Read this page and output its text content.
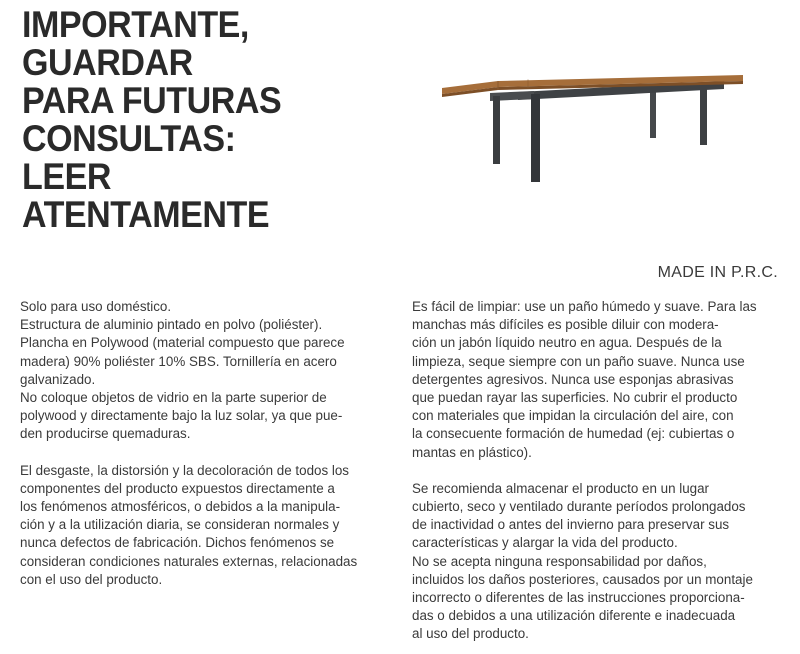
IMPORTANTE,
GUARDAR
PARA FUTURAS
CONSULTAS:
LEER
ATENTAMENTE
MADE IN P.R.C.
Solo para uso doméstico.
Estructura de aluminio pintado en polvo (poliéster).
Plancha en Polywood (material compuesto que parece
madera) 90% poliéster 10% SBS. Tornillería en acero
galvanizado.
No coloque objetos de vidrio en la parte superior de
polywood y directamente bajo la luz solar, ya que pue-
den producirse quemaduras.
El desgaste, la distorsión y la decoloración de todos los
componentes del producto expuestos directamente a
los fenómenos atmosféricos, o debidos a la manipula-
ción y a la utilización diaria, se consideran normales y
nunca defectos de fabricación. Dichos fenómenos se
consideran condiciones naturales externas, relacionadas
con el uso del producto.
Es fácil de limpiar: use un paño húmedo y suave. Para las
manchas más difíciles es posible diluir con modera-
ción un jabón líquido neutro en agua. Después de la
limpieza, seque siempre con un paño suave. Nunca use
detergentes agresivos. Nunca use esponjas abrasivas
que puedan rayar las superficies. No cubrir el producto
con materiales que impidan la circulación del aire, con
la consecuente formación de humedad (ej: cubiertas o
mantas en plástico).
Se recomienda almacenar el producto en un lugar
cubierto, seco y ventilado durante períodos prolongados
de inactividad o antes del invierno para preservar sus
características y alargar la vida del producto.
No se acepta ninguna responsabilidad por daños,
incluidos los daños posteriores, causados por un montaje
incorrecto o diferentes de las instrucciones proporciona-
das o debidos a una utilización diferente e inadecuada
al uso del producto.
